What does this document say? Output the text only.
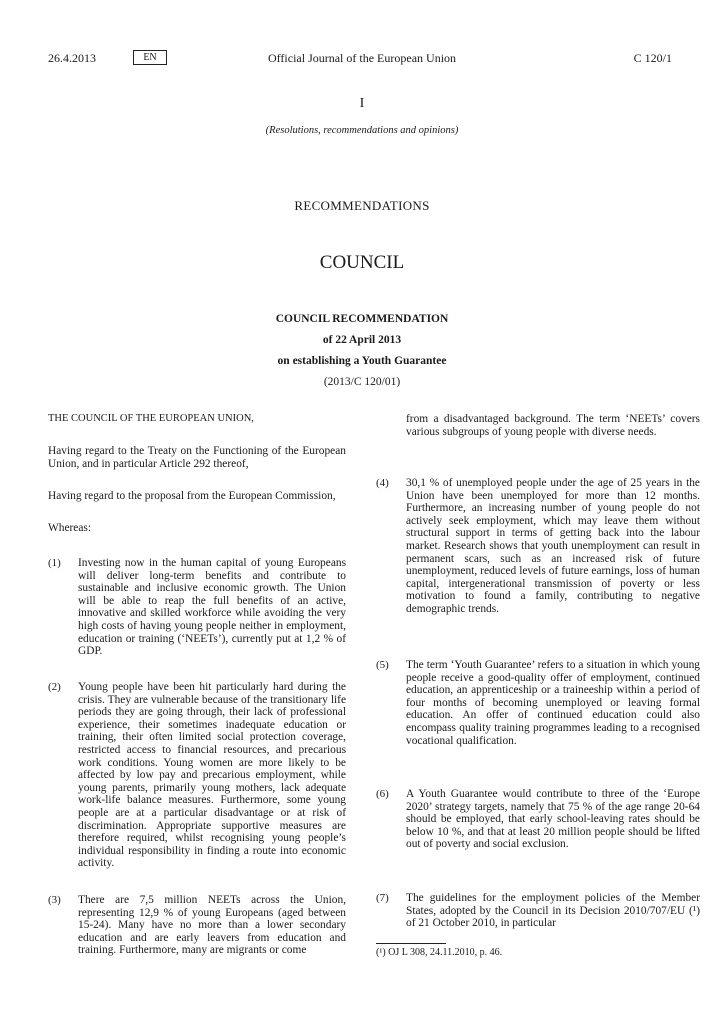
26.4.2013	EN	Official Journal of the European Union	C 120/1
I
(Resolutions, recommendations and opinions)
RECOMMENDATIONS
COUNCIL
COUNCIL RECOMMENDATION
of 22 April 2013
on establishing a Youth Guarantee
(2013/C 120/01)

THE COUNCIL OF THE EUROPEAN UNION,

Having regard to the Treaty on the Functioning of the European Union, and in particular Article 292 thereof,

Having regard to the proposal from the European Commission,

Whereas:

(1) Investing now in the human capital of young Europeans will deliver long-term benefits and contribute to sustainable and inclusive economic growth. The Union will be able to reap the full benefits of an active, innovative and skilled workforce while avoiding the very high costs of having young people neither in employment, education or training (‘NEETs’), currently put at 1,2 % of GDP.

(2) Young people have been hit particularly hard during the crisis. They are vulnerable because of the transitionary life periods they are going through, their lack of professional experience, their sometimes inadequate education or training, their often limited social protection coverage, restricted access to financial resources, and precarious work conditions. Young women are more likely to be affected by low pay and precarious employment, while young parents, primarily young mothers, lack adequate work-life balance measures. Furthermore, some young people are at a particular disadvantage or at risk of discrimination. Appropriate supportive measures are therefore required, whilst recognising young people’s individual responsibility in finding a route into economic activity.

(3) There are 7,5 million NEETs across the Union, representing 12,9 % of young Europeans (aged between 15-24). Many have no more than a lower secondary education and are early leavers from education and training. Furthermore, many are migrants or come

from a disadvantaged background. The term ‘NEETs’ covers various subgroups of young people with diverse needs.

(4) 30,1 % of unemployed people under the age of 25 years in the Union have been unemployed for more than 12 months. Furthermore, an increasing number of young people do not actively seek employment, which may leave them without structural support in terms of getting back into the labour market. Research shows that youth unemployment can result in permanent scars, such as an increased risk of future unemployment, reduced levels of future earnings, loss of human capital, intergenerational transmission of poverty or less motivation to found a family, contributing to negative demographic trends.

(5) The term ‘Youth Guarantee’ refers to a situation in which young people receive a good-quality offer of employment, continued education, an apprenticeship or a traineeship within a period of four months of becoming unemployed or leaving formal education. An offer of continued education could also encompass quality training programmes leading to a recognised vocational qualification.

(6) A Youth Guarantee would contribute to three of the ‘Europe 2020’ strategy targets, namely that 75 % of the age range 20-64 should be employed, that early school-leaving rates should be below 10 %, and that at least 20 million people should be lifted out of poverty and social exclusion.

(7) The guidelines for the employment policies of the Member States, adopted by the Council in its Decision 2010/707/EU (¹) of 21 October 2010, in particular

(¹) OJ L 308, 24.11.2010, p. 46.
